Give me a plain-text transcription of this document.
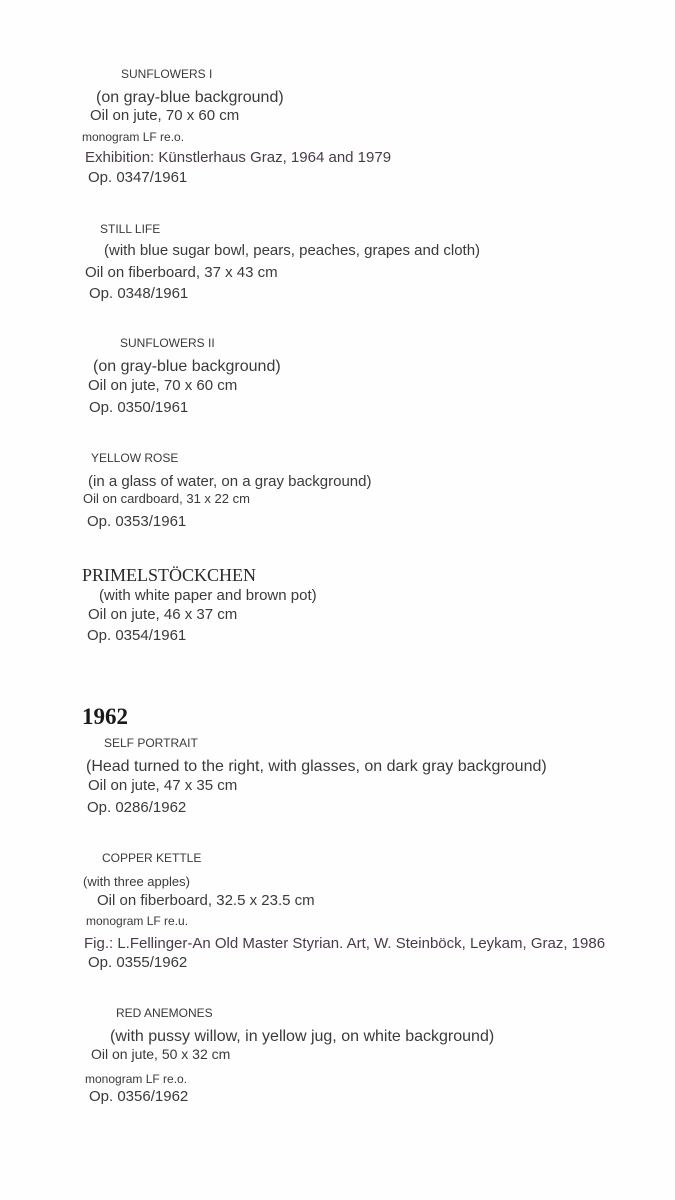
SUNFLOWERS I
(on gray-blue background)
Oil on jute, 70 x 60 cm
monogram LF re.o.
Exhibition: Künstlerhaus Graz, 1964 and 1979
Op. 0347/1961
STILL LIFE
(with blue sugar bowl, pears, peaches, grapes and cloth)
Oil on fiberboard, 37 x 43 cm
Op. 0348/1961
SUNFLOWERS II
(on gray-blue background)
Oil on jute, 70 x 60 cm
Op. 0350/1961
YELLOW ROSE
(in a glass of water, on a gray background)
Oil on cardboard, 31 x 22 cm
Op. 0353/1961
PRIMELSTÖCKCHEN
(with white paper and brown pot)
Oil on jute, 46 x 37 cm
Op. 0354/1961
1962
SELF PORTRAIT
(Head turned to the right, with glasses, on dark gray background)
Oil on jute, 47 x 35 cm
Op. 0286/1962
COPPER KETTLE
(with three apples)
Oil on fiberboard, 32.5 x 23.5 cm
monogram LF re.u.
Fig.: L.Fellinger-An Old Master Styrian. Art, W. Steinböck, Leykam, Graz, 1986
Op. 0355/1962
RED ANEMONES
(with pussy willow, in yellow jug, on white background)
Oil on jute, 50 x 32 cm
monogram LF re.o.
Op. 0356/1962
